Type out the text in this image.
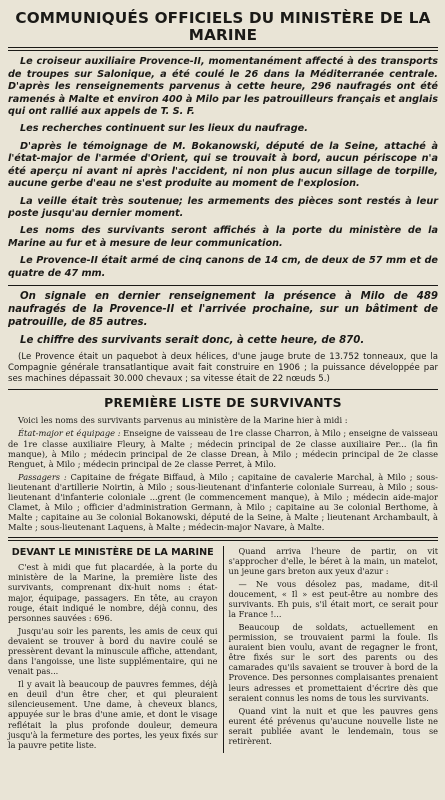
COMMUNIQUÉS OFFICIELS DU MINISTÈRE DE LA MARINE

Le croiseur auxiliaire Provence-II, momentanément affecté à des transports de troupes sur Salonique, a été coulé le 26 dans la Méditerranée centrale. D'après les renseignements parvenus à cette heure, 296 naufragés ont été ramenés à Malte et environ 400 à Milo par les patrouilleurs français et anglais qui ont rallié aux appels de T. S. F.

Les recherches continuent sur les lieux du naufrage.

D'après le témoignage de M. Bokanowski, député de la Seine, attaché à l'état-major de l'armée d'Orient, qui se trouvait à bord, aucun périscope n'a été aperçu ni avant ni après l'accident, ni non plus aucun sillage de torpille, aucune gerbe d'eau ne s'est produite au moment de l'explosion.

La veille était très soutenue; les armements des pièces sont restés à leur poste jusqu'au dernier moment.

Les noms des survivants seront affichés à la porte du ministère de la Marine au fur et à mesure de leur communication.

Le Provence-II était armé de cinq canons de 14 cm, de deux de 57 mm et de quatre de 47 mm.

On signale en dernier renseignement la présence à Milo de 489 naufragés de la Provence-II et l'arrivée prochaine, sur un bâtiment de patrouille, de 85 autres.

Le chiffre des survivants serait donc, à cette heure, de 870.

(Le Provence était un paquebot à deux hélices, d'une jauge brute de 13.752 tonneaux, que la Compagnie générale transatlantique avait fait construire en 1906 ; la puissance développée par ses machines dépassait 30.000 chevaux ; sa vitesse était de 22 nœuds 5.)

PREMIÈRE LISTE DE SURVIVANTS

Voici les noms des survivants parvenus au ministère de la Marine hier à midi :

État-major et équipage : Enseigne de vaisseau de 1re classe Charron, à Milo ; enseigne de vaisseau de 1re classe auxiliaire Fleury, à Malte ; médecin principal de 2e classe auxiliaire Per... (la fin manque), à Milo ; médecin principal de 2e classe Drean, à Milo ; médecin principal de 2e classe Renguet, à Milo ; médecin principal de 2e classe Perret, à Milo.

Passagers : Capitaine de frégate Biffaud, à Milo ; capitaine de cavalerie Marchal, à Milo ; sous-lieutenant d'artillerie Noirtin, à Milo ; sous-lieutenant d'infanterie coloniale Surreau, à Milo ; sous-lieutenant d'infanterie coloniale ...grent (le commencement manque), à Milo ; médecin aide-major Clamet, à Milo ; officier d'administration Germann, à Milo ; capitaine au 3e colonial Berthome, à Malte ; capitaine au 3e colonial Bokanowski, député de la Seine, à Malte ; lieutenant Archambault, à Malte ; sous-lieutenant Laquens, à Malte ; médecin-major Navare, à Malte.

DEVANT LE MINISTÈRE DE LA MARINE

C'est à midi que fut placardée, à la porte du ministère de la Marine, la première liste des survivants, comprenant dix-huit noms : état-major, équipage, passagers. En tête, au crayon rouge, était indiqué le nombre, déjà connu, des personnes sauvées : 696.

Jusqu'au soir les parents, les amis de ceux qui devaient se trouver à bord du navire coulé se pressèrent devant la minuscule affiche, attendant, dans l'angoisse, une liste supplémentaire, qui ne venait pas...

Il y avait là beaucoup de pauvres femmes, déjà en deuil d'un être cher, et qui pleuraient silencieusement. Une dame, à cheveux blancs, appuyée sur le bras d'une amie, et dont le visage reflétait la plus profonde douleur, demeura jusqu'à la fermeture des portes, les yeux fixés sur la pauvre petite liste.

Quand arriva l'heure de partir, on vit s'approcher d'elle, le béret à la main, un matelot, un jeune gars breton aux yeux d'azur :

— Ne vous désolez pas, madame, dit-il doucement, « Il » est peut-être au nombre des survivants. Eh puis, s'il était mort, ce serait pour la France !...

Beaucoup de soldats, actuellement en permission, se trouvaient parmi la foule. Ils auraient bien voulu, avant de regagner le front, être fixés sur le sort des parents ou des camarades qu'ils savaient se trouver à bord de la Provence. Des personnes complaisantes prenaient leurs adresses et promettaient d'écrire dès que seraient connus les noms de tous les survivants.

Quand vint la nuit et que les pauvres gens eurent été prévenus qu'aucune nouvelle liste ne serait publiée avant le lendemain, tous se retirèrent.
